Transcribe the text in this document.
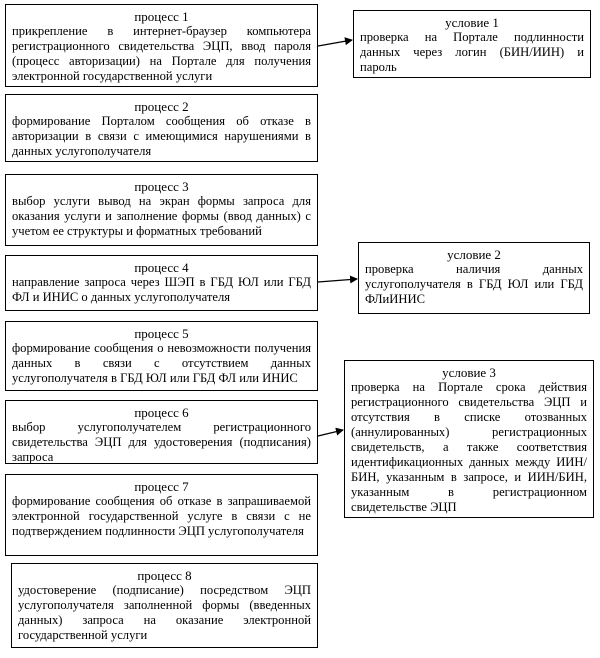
процесс 1
прикрепление в интернет-браузер компьютера регистрационного свидетельства ЭЦП, ввод пароля (процесс авторизации) на Портале для получения электронной государственной услуги
процесс 2
формирование Порталом сообщения об отказе в авторизации в связи с имеющимися нарушениями в данных услугополучателя
процесс 3
выбор услуги вывод на экран формы запроса для оказания услуги и заполнение формы (ввод данных) с учетом ее структуры и форматных требований
процесс 4
направление запроса через ШЭП в ГБД ЮЛ или ГБД ФЛ и ИНИС о данных услугополучателя
процесс 5
формирование сообщения о невозможности получения данных в связи с отсутствием данных услугополучателя в ГБД ЮЛ или ГБД ФЛ или ИНИС
процесс 6
выбор услугополучателем регистрационного свидетельства ЭЦП для удостоверения (подписания) запроса
процесс 7
формирование сообщения об отказе в запрашиваемой электронной государственной услуге в связи с не подтверждением подлинности ЭЦП услугополучателя
процесс 8
удостоверение (подписание) посредством ЭЦП услугополучателя заполненной формы (введенных данных) запроса на оказание электронной государственной услуги
условие 1
проверка на Портале подлинности данных через логин (БИН/ИИН) и пароль
условие 2
проверка наличия данных услугополучателя в ГБД ЮЛ или ГБД ФЛиИНИС
условие 3
проверка на Портале срока действия регистрационного свидетельства ЭЦП и отсутствия в списке отозванных (аннулированных) регистрационных свидетельств, а также соответствия идентификационных данных между ИИН/БИН, указанным в запросе, и ИИН/БИН, указанным в регистрационном свидетельстве ЭЦП
